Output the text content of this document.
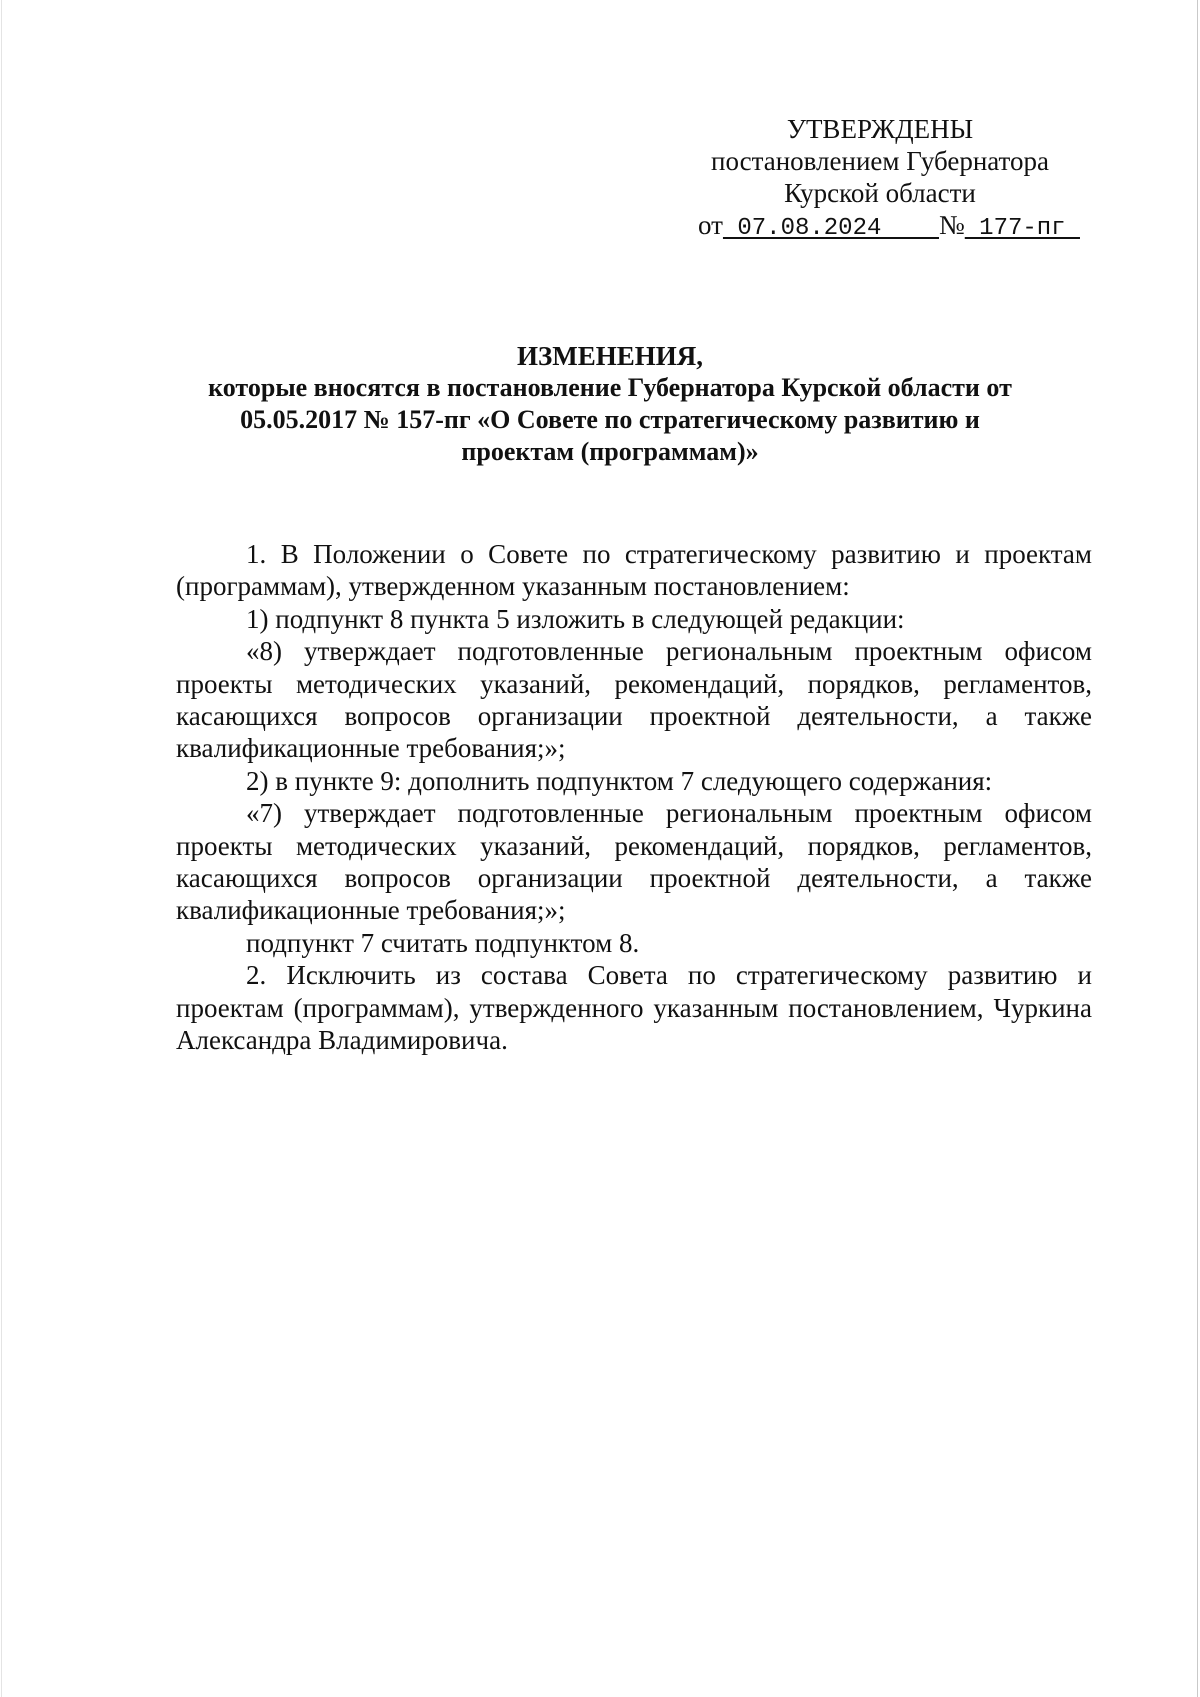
УТВЕРЖДЕНЫ
постановлением Губернатора
Курской области
от 07.08.2024    № 177-пг
ИЗМЕНЕНИЯ,
которые вносятся в постановление Губернатора Курской области от
05.05.2017 № 157-пг «О Совете по стратегическому развитию и
проектам (программам)»

1. В Положении о Совете по стратегическому развитию и проектам (программам), утвержденном указанным постановлением:

1) подпункт 8 пункта 5 изложить в следующей редакции:

«8) утверждает подготовленные региональным проектным офисом проекты методических указаний, рекомендаций, порядков, регламентов, касающихся вопросов организации проектной деятельности, а также квалификационные требования;»;

2) в пункте 9: дополнить подпунктом 7 следующего содержания:

«7) утверждает подготовленные региональным проектным офисом проекты методических указаний, рекомендаций, порядков, регламентов, касающихся вопросов организации проектной деятельности, а также квалификационные требования;»;

подпункт 7 считать подпунктом 8.

2. Исключить из состава Совета по стратегическому развитию и проектам (программам), утвержденного указанным постановлением, Чуркина Александра Владимировича.
